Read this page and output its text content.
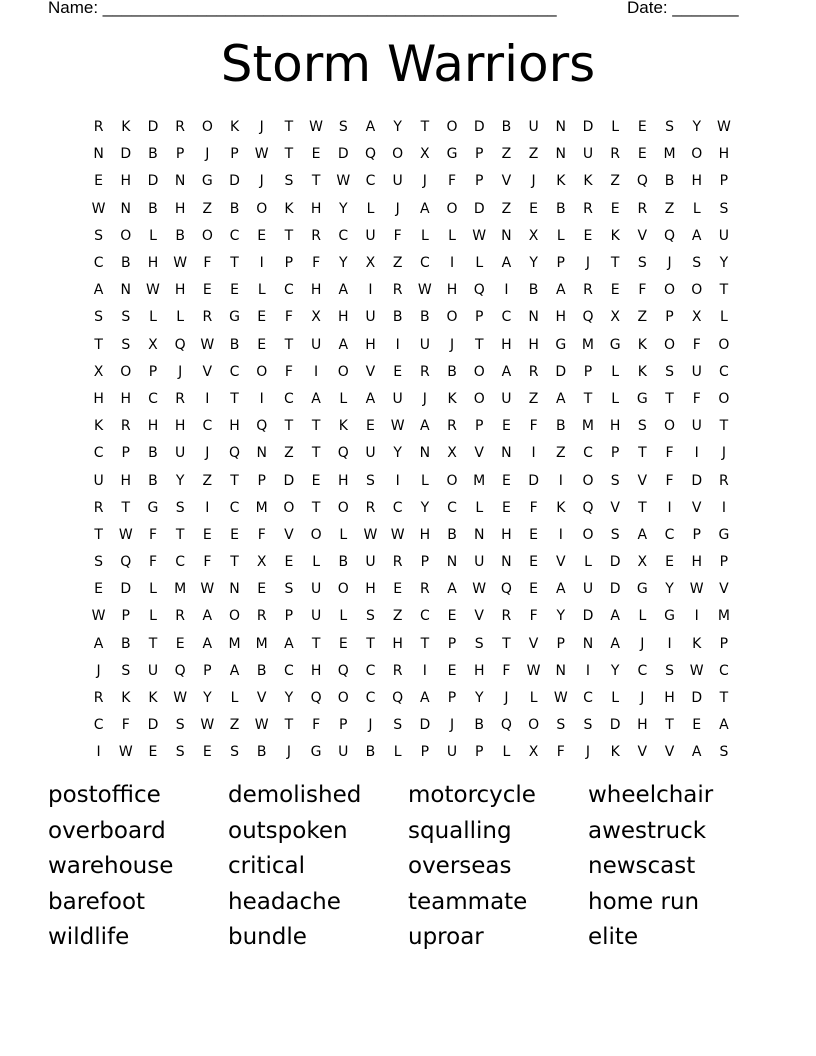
Name: ________________________________________________	Date: _______
Storm Warriors
R	K	D	R	O	K	J	T	W	S	A	Y	T	O	D	B	U	N	D	L	E	S	Y	W
N	D	B	P	J	P	W	T	E	D	Q	O	X	G	P	Z	Z	N	U	R	E	M	O	H
E	H	D	N	G	D	J	S	T	W	C	U	J	F	P	V	J	K	K	Z	Q	B	H	P
W	N	B	H	Z	B	O	K	H	Y	L	J	A	O	D	Z	E	B	R	E	R	Z	L	S
S	O	L	B	O	C	E	T	R	C	U	F	L	L	W	N	X	L	E	K	V	Q	A	U
C	B	H	W	F	T	I	P	F	Y	X	Z	C	I	L	A	Y	P	J	T	S	J	S	Y
A	N	W	H	E	E	L	C	H	A	I	R	W	H	Q	I	B	A	R	E	F	O	O	T
S	S	L	L	R	G	E	F	X	H	U	B	B	O	P	C	N	H	Q	X	Z	P	X	L
T	S	X	Q	W	B	E	T	U	A	H	I	U	J	T	H	H	G	M	G	K	O	F	O
X	O	P	J	V	C	O	F	I	O	V	E	R	B	O	A	R	D	P	L	K	S	U	C
H	H	C	R	I	T	I	C	A	L	A	U	J	K	O	U	Z	A	T	L	G	T	F	O
K	R	H	H	C	H	Q	T	T	K	E	W	A	R	P	E	F	B	M	H	S	O	U	T
C	P	B	U	J	Q	N	Z	T	Q	U	Y	N	X	V	N	I	Z	C	P	T	F	I	J
U	H	B	Y	Z	T	P	D	E	H	S	I	L	O	M	E	D	I	O	S	V	F	D	R
R	T	G	S	I	C	M	O	T	O	R	C	Y	C	L	E	F	K	Q	V	T	I	V	I
T	W	F	T	E	E	F	V	O	L	W W	H	B	N	H	E	I	O	S	A	C	P	G
S	Q	F	C	F	T	X	E	L	B	U	R	P	N	U	N	E	V	L	D	X	E	H	P
E	D	L	M	W	N	E	S	U	O	H	E	R	A	W	Q	E	A	U	D	G	Y	W	V
W	P	L	R	A	O	R	P	U	L	S	Z	C	E	V	R	F	Y	D	A	L	G	I	M
A	B	T	E	A	M	M	A	T	E	T	H	T	P	S	T	V	P	N	A	J	I	K	P
J	S	U	Q	P	A	B	C	H	Q	C	R	I	E	H	F	W	N	I	Y	C	S	W	C
R	K	K	W	Y	L	V	Y	Q	O	C	Q	A	P	Y	J	L	W	C	L	J	H	D	T
C	F	D	S	W	Z	W	T	F	P	J	S	D	J	B	Q	O	S	S	D	H	T	E	A
I	W	E	S	E	S	B	J	G	U	B	L	P	U	P	L	X	F	J	K	V	V	A	S
postoffice	demolished	motorcycle	wheelchair
overboard	outspoken	squalling	awestruck
warehouse	critical	overseas	newscast
barefoot	headache	teammate	home run
wildlife	bundle	uproar	elite
